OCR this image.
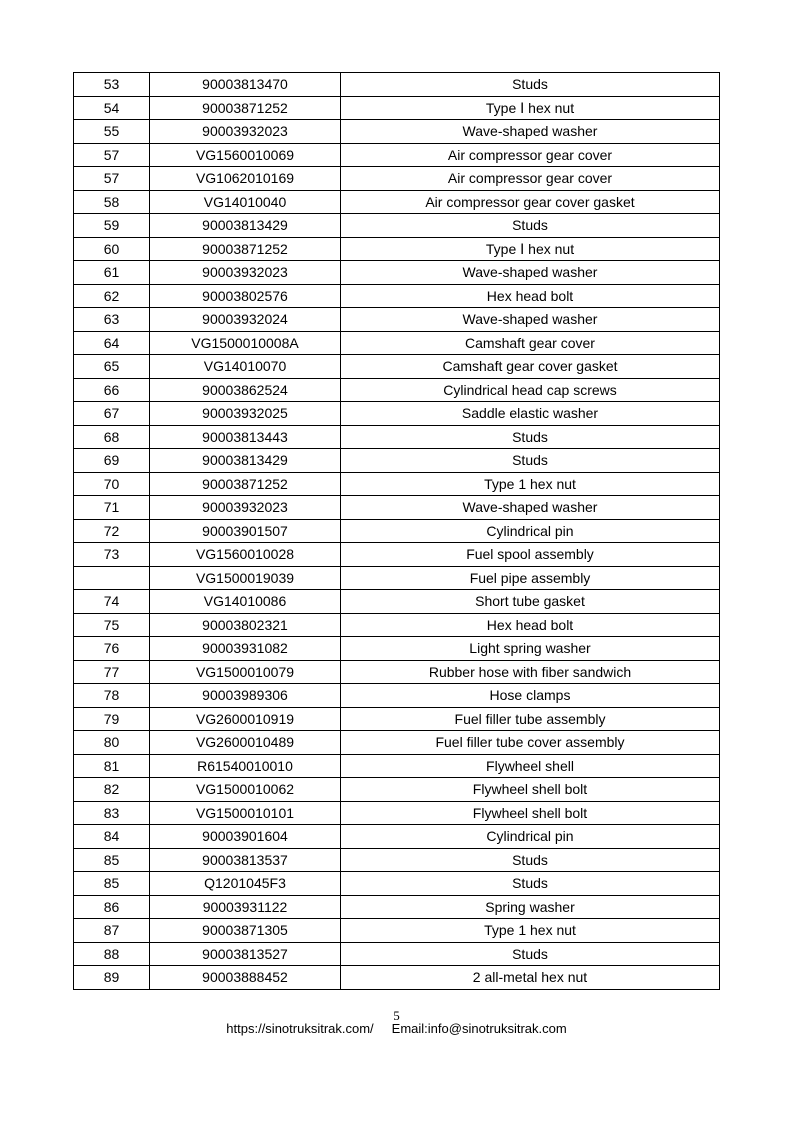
53	90003813470	Studs
54	90003871252	Type Ⅰ hex nut
55	90003932023	Wave-shaped washer
57	VG1560010069	Air compressor gear cover
57	VG1062010169	Air compressor gear cover
58	VG14010040	Air compressor gear cover gasket
59	90003813429	Studs
60	90003871252	Type Ⅰ hex nut
61	90003932023	Wave-shaped washer
62	90003802576	Hex head bolt
63	90003932024	Wave-shaped washer
64	VG1500010008A	Camshaft gear cover
65	VG14010070	Camshaft gear cover gasket
66	90003862524	Cylindrical head cap screws
67	90003932025	Saddle elastic washer
68	90003813443	Studs
69	90003813429	Studs
70	90003871252	Type 1 hex nut
71	90003932023	Wave-shaped washer
72	90003901507	Cylindrical pin
73	VG1560010028	Fuel spool assembly
	VG1500019039	Fuel pipe assembly
74	VG14010086	Short tube gasket
75	90003802321	Hex head bolt
76	90003931082	Light spring washer
77	VG1500010079	Rubber hose with fiber sandwich
78	90003989306	Hose clamps
79	VG2600010919	Fuel filler tube assembly
80	VG2600010489	Fuel filler tube cover assembly
81	R61540010010	Flywheel shell
82	VG1500010062	Flywheel shell bolt
83	VG1500010101	Flywheel shell bolt
84	90003901604	Cylindrical pin
85	90003813537	Studs
85	Q1201045F3	Studs
86	90003931122	Spring washer
87	90003871305	Type 1 hex nut
88	90003813527	Studs
89	90003888452	2 all-metal hex nut
5
https://sinotruksitrak.com/ Email:info@sinotruksitrak.com
